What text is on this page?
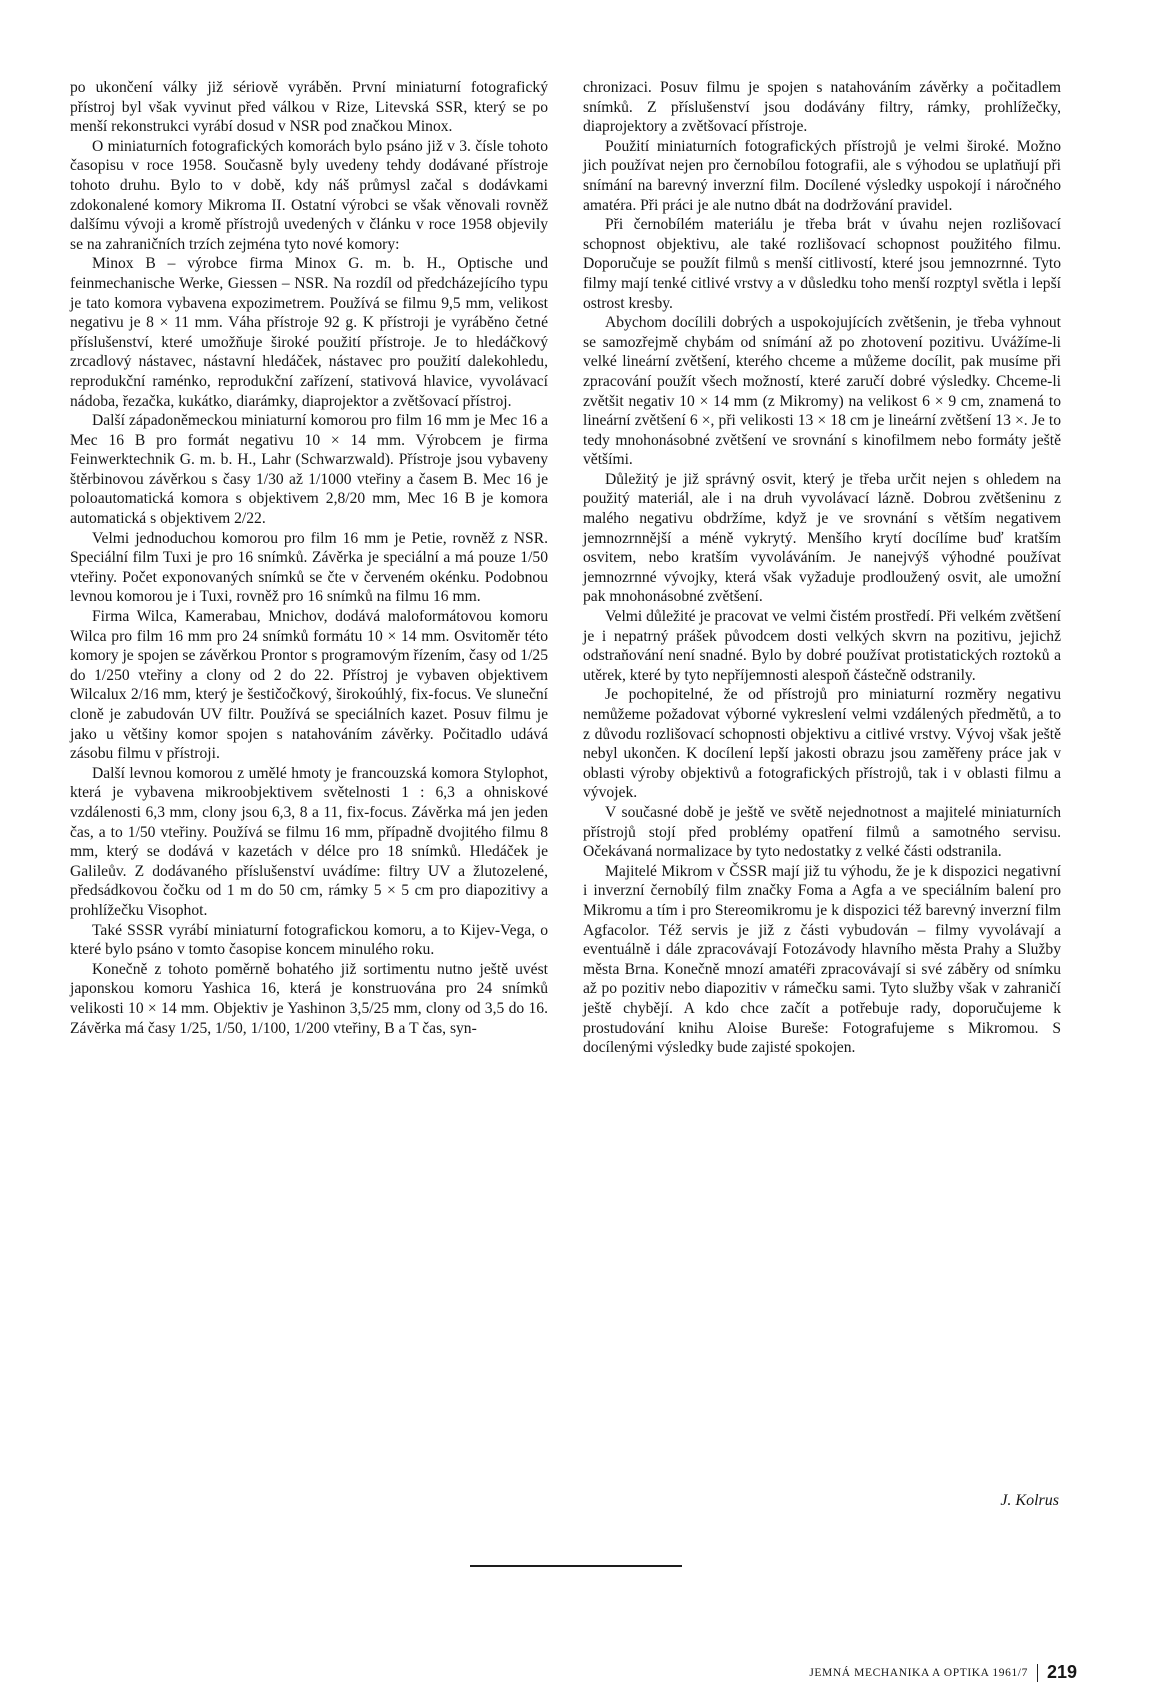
po ukončení války již sériově vyráběn. První miniaturní fotografický přístroj byl však vyvinut před válkou v Rize, Litevská SSR, který se po menší rekonstrukci vyrábí dosud v NSR pod značkou Minox.

O miniaturních fotografických komorách bylo psáno již v 3. čísle tohoto časopisu v roce 1958. Současně byly uvedeny tehdy dodávané přístroje tohoto druhu. Bylo to v době, kdy náš průmysl začal s dodávkami zdokonalené komory Mikroma II. Ostatní výrobci se však věnovali rovněž dalšímu vývoji a kromě přístrojů uvedených v článku v roce 1958 objevily se na zahraničních trzích zejména tyto nové komory:

Minox B – výrobce firma Minox G. m. b. H., Optische und feinmechanische Werke, Giessen – NSR. Na rozdíl od předcházejícího typu je tato komora vybavena expozimetrem. Používá se filmu 9,5 mm, velikost negativu je 8 × 11 mm. Váha přístroje 92 g. K přístroji je vyráběno četné příslušenství, které umožňuje široké použití přístroje. Je to hledáčkový zrcadlový nástavec, nástavní hledáček, nástavec pro použití dalekohledu, reprodukční raménko, reprodukční zařízení, stativová hlavice, vyvolávací nádoba, řezačka, kukátko, diarámky, diaprojektor a zvětšovací přístroj.

Další západoněmeckou miniaturní komorou pro film 16 mm je Mec 16 a Mec 16 B pro formát negativu 10 × 14 mm. Výrobcem je firma Feinwerktechnik G. m. b. H., Lahr (Schwarzwald). Přístroje jsou vybaveny štěrbinovou závěrkou s časy 1/30 až 1/1000 vteřiny a časem B. Mec 16 je poloautomatická komora s objektivem 2,8/20 mm, Mec 16 B je komora automatická s objektivem 2/22.

Velmi jednoduchou komorou pro film 16 mm je Petie, rovněž z NSR. Speciální film Tuxi je pro 16 snímků. Závěrka je speciální a má pouze 1/50 vteřiny. Počet exponovaných snímků se čte v červeném okénku. Podobnou levnou komorou je i Tuxi, rovněž pro 16 snímků na filmu 16 mm.

Firma Wilca, Kamerabau, Mnichov, dodává maloformátovou komoru Wilca pro film 16 mm pro 24 snímků formátu 10 × 14 mm. Osvitoměr této komory je spojen se závěrkou Prontor s programovým řízením, časy od 1/25 do 1/250 vteřiny a clony od 2 do 22. Přístroj je vybaven objektivem Wilcalux 2/16 mm, který je šestičočkový, širokoúhlý, fix-focus. Ve sluneční cloně je zabudován UV filtr. Používá se speciálních kazet. Posuv filmu je jako u většiny komor spojen s natahováním závěrky. Počitadlo udává zásobu filmu v přístroji.

Další levnou komorou z umělé hmoty je francouzská komora Stylophot, která je vybavena mikroobjektivem světelnosti 1 : 6,3 a ohniskové vzdálenosti 6,3 mm, clony jsou 6,3, 8 a 11, fix-focus. Závěrka má jen jeden čas, a to 1/50 vteřiny. Používá se filmu 16 mm, případně dvojitého filmu 8 mm, který se dodává v kazetách v délce pro 18 snímků. Hledáček je Galileův. Z dodávaného příslušenství uvádíme: filtry UV a žlutozelené, předsádkovou čočku od 1 m do 50 cm, rámky 5 × 5 cm pro diapozitivy a prohlížečku Visophot.

Také SSSR vyrábí miniaturní fotografickou komoru, a to Kijev-Vega, o které bylo psáno v tomto časopise koncem minulého roku.

Konečně z tohoto poměrně bohatého již sortimentu nutno ještě uvést japonskou komoru Yashica 16, která je konstruována pro 24 snímků velikosti 10 × 14 mm. Objektiv je Yashinon 3,5/25 mm, clony od 3,5 do 16. Závěrka má časy 1/25, 1/50, 1/100, 1/200 vteřiny, B a T čas, syn-

chronizaci. Posuv filmu je spojen s natahováním závěrky a počitadlem snímků. Z příslušenství jsou dodávány filtry, rámky, prohlížečky, diaprojektory a zvětšovací přístroje.

Použití miniaturních fotografických přístrojů je velmi široké. Možno jich používat nejen pro černobílou fotografii, ale s výhodou se uplatňují při snímání na barevný inverzní film. Docílené výsledky uspokojí i náročného amatéra. Při práci je ale nutno dbát na dodržování pravidel.

Při černobílém materiálu je třeba brát v úvahu nejen rozlišovací schopnost objektivu, ale také rozlišovací schopnost použitého filmu. Doporučuje se použít filmů s menší citlivostí, které jsou jemnozrnné. Tyto filmy mají tenké citlivé vrstvy a v důsledku toho menší rozptyl světla i lepší ostrost kresby.

Abychom docílili dobrých a uspokojujících zvětšenin, je třeba vyhnout se samozřejmě chybám od snímání až po zhotovení pozitivu. Uvážíme-li velké lineární zvětšení, kterého chceme a můžeme docílit, pak musíme při zpracování použít všech možností, které zaručí dobré výsledky. Chceme-li zvětšit negativ 10 × 14 mm (z Mikromy) na velikost 6 × 9 cm, znamená to lineární zvětšení 6 ×, při velikosti 13 × 18 cm je lineární zvětšení 13 ×. Je to tedy mnohonásobné zvětšení ve srovnání s kinofilmem nebo formáty ještě většími.

Důležitý je již správný osvit, který je třeba určit nejen s ohledem na použitý materiál, ale i na druh vyvolávací lázně. Dobrou zvětšeninu z malého negativu obdržíme, když je ve srovnání s větším negativem jemnozrnnější a méně vykrytý. Menšího krytí docílíme buď kratším osvitem, nebo kratším vyvoláváním. Je nanejvýš výhodné používat jemnozrnné vývojky, která však vyžaduje prodloužený osvit, ale umožní pak mnohonásobné zvětšení.

Velmi důležité je pracovat ve velmi čistém prostředí. Při velkém zvětšení je i nepatrný prášek původcem dosti velkých skvrn na pozitivu, jejichž odstraňování není snadné. Bylo by dobré používat protistatických roztoků a utěrek, které by tyto nepříjemnosti alespoň částečně odstranily.

Je pochopitelné, že od přístrojů pro miniaturní rozměry negativu nemůžeme požadovat výborné vykreslení velmi vzdálených předmětů, a to z důvodu rozlišovací schopnosti objektivu a citlivé vrstvy. Vývoj však ještě nebyl ukončen. K docílení lepší jakosti obrazu jsou zaměřeny práce jak v oblasti výroby objektivů a fotografických přístrojů, tak i v oblasti filmu a vývojek.

V současné době je ještě ve světě nejednotnost a majitelé miniaturních přístrojů stojí před problémy opatření filmů a samotného servisu. Očekávaná normalizace by tyto nedostatky z velké části odstranila.

Majitelé Mikrom v ČSSR mají již tu výhodu, že je k dispozici negativní i inverzní černobílý film značky Foma a Agfa a ve speciálním balení pro Mikromu a tím i pro Stereomikromu je k dispozici též barevný inverzní film Agfacolor. Též servis je již z části vybudován – filmy vyvolávají a eventuálně i dále zpracovávají Fotozávody hlavního města Prahy a Služby města Brna. Konečně mnozí amatéři zpracovávají si své záběry od snímku až po pozitiv nebo diapozitiv v rámečku sami. Tyto služby však v zahraničí ještě chybějí. A kdo chce začít a potřebuje rady, doporučujeme k prostudování knihu Aloise Bureše: Fotografujeme s Mikromou. S docílenými výsledky bude zajisté spokojen.

J. Kolrus
JEMNÁ MECHANIKA A OPTIKA 1961/7 219
